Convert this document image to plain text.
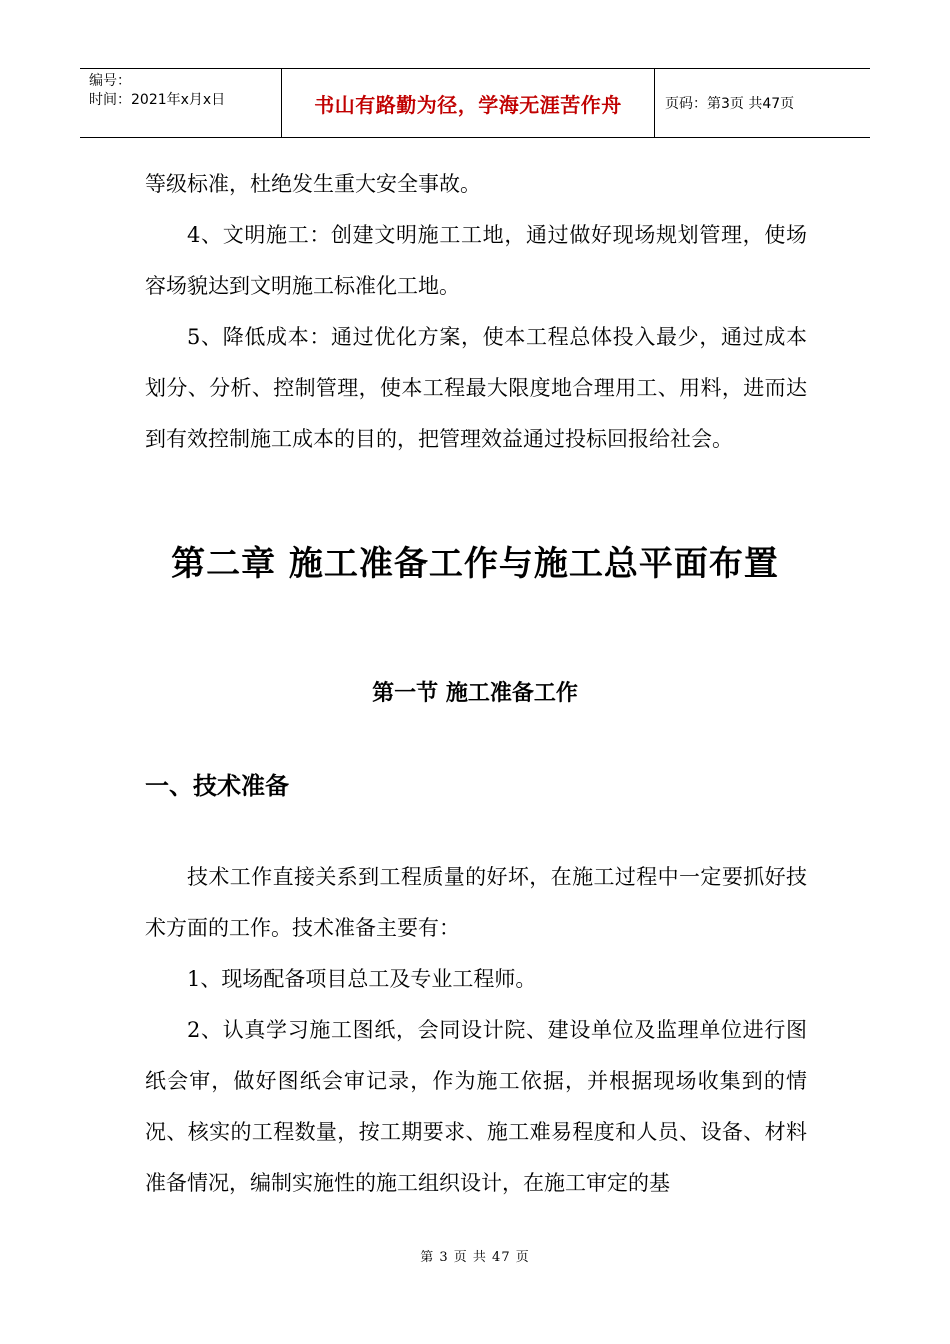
编号：
时间：2021年x月x日	书山有路勤为径，学海无涯苦作舟	页码：第3页 共47页

等级标准，杜绝发生重大安全事故。

4、文明施工：创建文明施工工地，通过做好现场规划管理，使场容场貌达到文明施工标准化工地。

5、降低成本：通过优化方案，使本工程总体投入最少，通过成本划分、分析、控制管理，使本工程最大限度地合理用工、用料，进而达到有效控制施工成本的目的，把管理效益通过投标回报给社会。

第二章 施工准备工作与施工总平面布置
第一节 施工准备工作
一、技术准备

技术工作直接关系到工程质量的好坏，在施工过程中一定要抓好技术方面的工作。技术准备主要有：

1、现场配备项目总工及专业工程师。

2、认真学习施工图纸，会同设计院、建设单位及监理单位进行图纸会审，做好图纸会审记录，作为施工依据，并根据现场收集到的情况、核实的工程数量，按工期要求、施工难易程度和人员、设备、材料准备情况，编制实施性的施工组织设计，在施工审定的基

第 3 页 共 47 页
